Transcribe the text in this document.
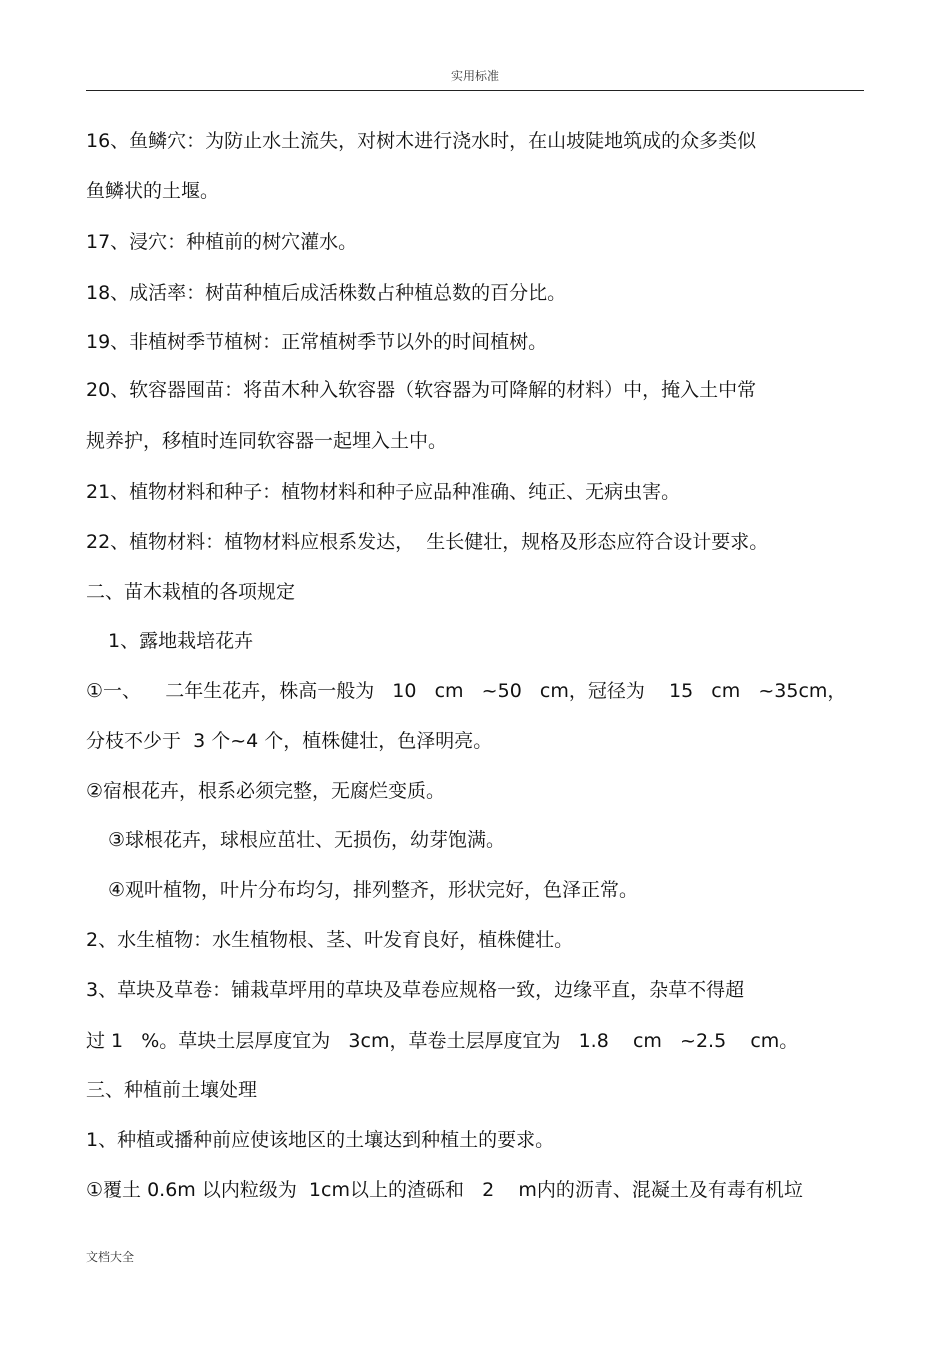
实用标准
16、鱼鳞穴：为防止水土流失，对树木进行浇水时，在山坡陡地筑成的众多类似
鱼鳞状的土堰。
17、浸穴：种植前的树穴灌水。
18、成活率：树苗种植后成活株数占种植总数的百分比。
19、非植树季节植树：正常植树季节以外的时间植树。
20、软容器囤苗：将苗木种入软容器（软容器为可降解的材料）中，掩入土中常
规养护，移植时连同软容器一起埋入土中。
21、植物材料和种子：植物材料和种子应品种准确、纯正、无病虫害。
22、植物材料：植物材料应根系发达，  生长健壮，规格及形态应符合设计要求。
二、苗木栽植的各项规定
1、露地栽培花卉
①一、    二年生花卉，株高一般为   10   cm   ~50   cm，冠径为    15   cm   ~35cm，
分枝不少于  3 个~4 个，植株健壮，色泽明亮。
②宿根花卉，根系必须完整，无腐烂变质。
③球根花卉，球根应茁壮、无损伤，幼芽饱满。
④观叶植物，叶片分布均匀，排列整齐，形状完好，色泽正常。
2、水生植物：水生植物根、茎、叶发育良好，植株健壮。
3、草块及草卷：铺栽草坪用的草块及草卷应规格一致，边缘平直，杂草不得超
过 1   %。草块土层厚度宜为   3cm，草卷土层厚度宜为   1.8    cm   ~2.5    cm。
三、种植前土壤处理
1、种植或播种前应使该地区的土壤达到种植土的要求。
①覆土 0.6m 以内粒级为  1cm以上的渣砾和   2    m内的沥青、混凝土及有毒有机垃
文档大全
